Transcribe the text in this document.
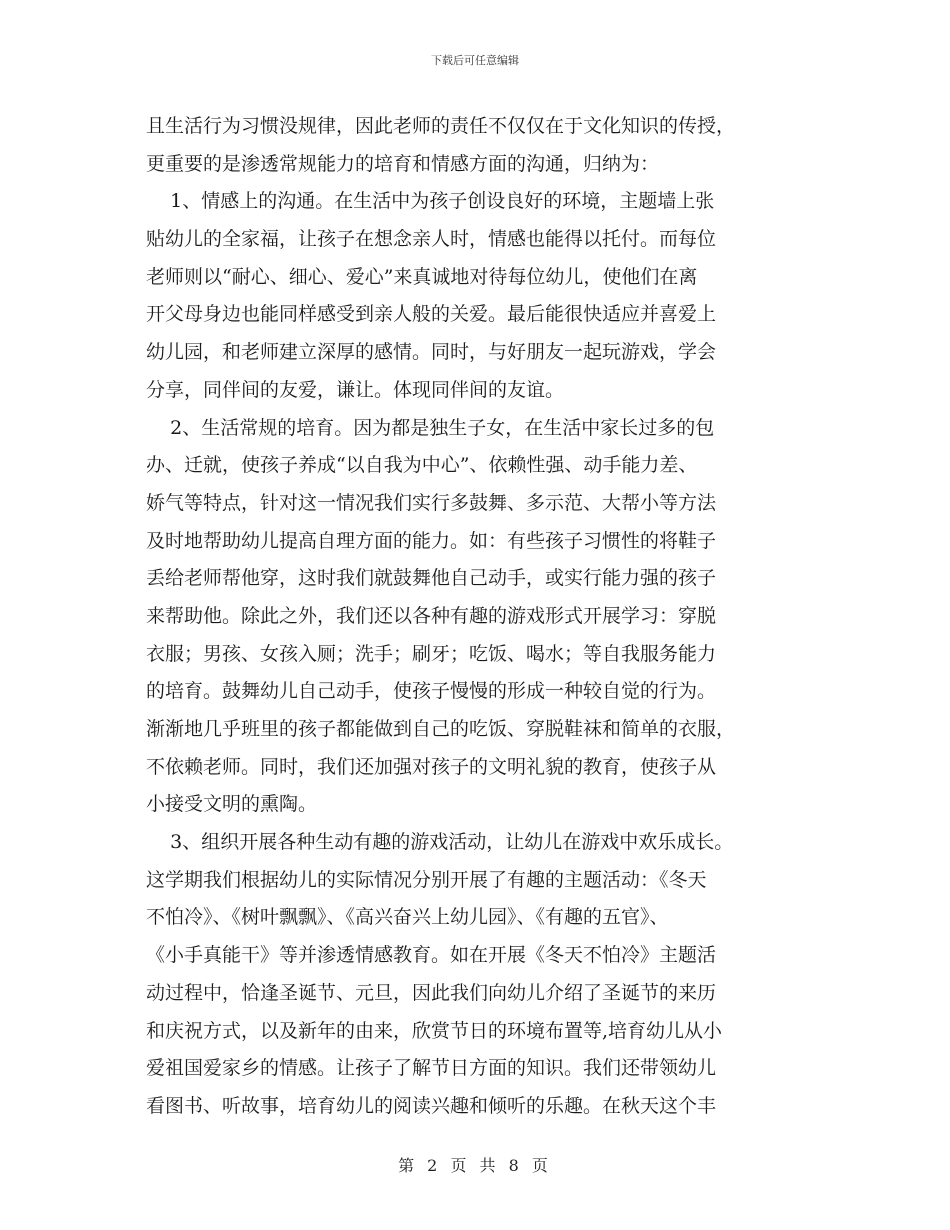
下载后可任意编辑
且生活行为习惯没规律，因此老师的责任不仅仅在于文化知识的传授，
更重要的是渗透常规能力的培育和情感方面的沟通，归纳为：
1、情感上的沟通。在生活中为孩子创设良好的环境，主题墙上张
贴幼儿的全家福，让孩子在想念亲人时，情感也能得以托付。而每位
老师则以“耐心、细心、爱心”来真诚地对待每位幼儿，使他们在离
开父母身边也能同样感受到亲人般的关爱。最后能很快适应并喜爱上
幼儿园，和老师建立深厚的感情。同时，与好朋友一起玩游戏，学会
分享，同伴间的友爱，谦让。体现同伴间的友谊。
2、生活常规的培育。因为都是独生子女，在生活中家长过多的包
办、迁就，使孩子养成“以自我为中心”、依赖性强、动手能力差、
娇气等特点，针对这一情况我们实行多鼓舞、多示范、大帮小等方法
及时地帮助幼儿提高自理方面的能力。如：有些孩子习惯性的将鞋子
丢给老师帮他穿，这时我们就鼓舞他自己动手，或实行能力强的孩子
来帮助他。除此之外，我们还以各种有趣的游戏形式开展学习：穿脱
衣服；男孩、女孩入厕；洗手；刷牙；吃饭、喝水；等自我服务能力
的培育。鼓舞幼儿自己动手，使孩子慢慢的形成一种较自觉的行为。
渐渐地几乎班里的孩子都能做到自己的吃饭、穿脱鞋袜和简单的衣服，
不依赖老师。同时，我们还加强对孩子的文明礼貌的教育，使孩子从
小接受文明的熏陶。
3、组织开展各种生动有趣的游戏活动，让幼儿在游戏中欢乐成长。
这学期我们根据幼儿的实际情况分别开展了有趣的主题活动：《冬天
不怕冷》、《树叶飘飘》、《高兴奋兴上幼儿园》、《有趣的五官》、
《小手真能干》等并渗透情感教育。如在开展《冬天不怕冷》主题活
动过程中，恰逢圣诞节、元旦，因此我们向幼儿介绍了圣诞节的来历
和庆祝方式，以及新年的由来，欣赏节日的环境布置等,培育幼儿从小
爱祖国爱家乡的情感。让孩子了解节日方面的知识。我们还带领幼儿
看图书、听故事，培育幼儿的阅读兴趣和倾听的乐趣。在秋天这个丰
第 2 页 共 8 页
